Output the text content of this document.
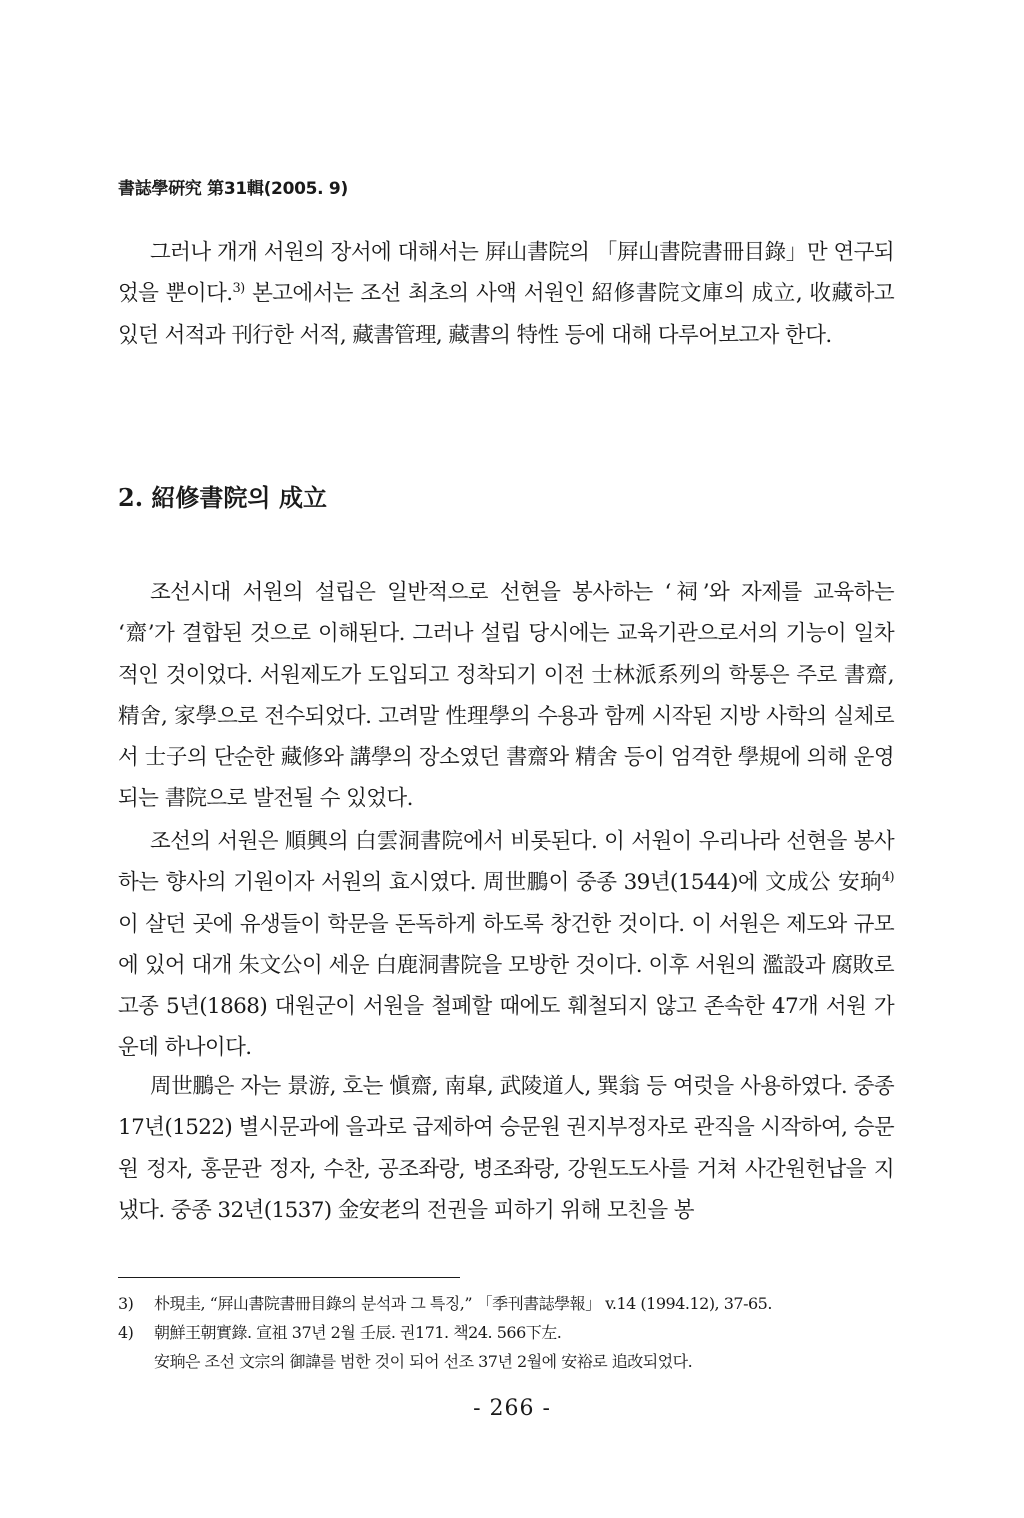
書誌學硏究 第31輯(2005. 9)

그러나 개개 서원의 장서에 대해서는 屛山書院의 「屛山書院書冊目錄」만 연구되었을 뿐이다.$^{3)}$ 본고에서는 조선 최초의 사액 서원인 紹修書院文庫의 成立, 收藏하고 있던 서적과 刊行한 서적, 藏書管理, 藏書의 特性 등에 대해 다루어보고자 한다.

2. 紹修書院의 成立

조선시대 서원의 설립은 일반적으로 선현을 봉사하는 ‘祠’와 자제를 교육하는 ‘齋’가 결합된 것으로 이해된다. 그러나 설립 당시에는 교육기관으로서의 기능이 일차적인 것이었다. 서원제도가 도입되고 정착되기 이전 士林派系列의 학통은 주로 書齋, 精舍, 家學으로 전수되었다. 고려말 性理學의 수용과 함께 시작된 지방 사학의 실체로서 士子의 단순한 藏修와 講學의 장소였던 書齋와 精舍 등이 엄격한 學規에 의해 운영되는 書院으로 발전될 수 있었다.

조선의 서원은 順興의 白雲洞書院에서 비롯된다. 이 서원이 우리나라 선현을 봉사하는 향사의 기원이자 서원의 효시였다. 周世鵬이 중종 39년(1544)에 文成公 安珦$^{4)}$이 살던 곳에 유생들이 학문을 돈독하게 하도록 창건한 것이다. 이 서원은 제도와 규모에 있어 대개 朱文公이 세운 白鹿洞書院을 모방한 것이다. 이후 서원의 濫設과 腐敗로 고종 5년(1868) 대원군이 서원을 철폐할 때에도 훼철되지 않고 존속한 47개 서원 가운데 하나이다.

周世鵬은 자는 景游, 호는 愼齋, 南皐, 武陵道人, 巽翁 등 여럿을 사용하였다. 중종 17년(1522) 별시문과에 을과로 급제하여 승문원 권지부정자로 관직을 시작하여, 승문원 정자, 홍문관 정자, 수찬, 공조좌랑, 병조좌랑, 강원도도사를 거쳐 사간원헌납을 지냈다. 중종 32년(1537) 金安老의 전권을 피하기 위해 모친을 봉

3)	朴現圭, “屛山書院書冊目錄의 분석과 그 특징,” 「季刊書誌學報」 v.14 (1994.12), 37-65.
4)	朝鮮王朝實錄. 宣祖 37년 2월 壬辰. 권171. 책24. 566下左.
安珦은 조선 文宗의 御諱를 범한 것이 되어 선조 37년 2월에 安裕로 追改되었다.
- 266 -
